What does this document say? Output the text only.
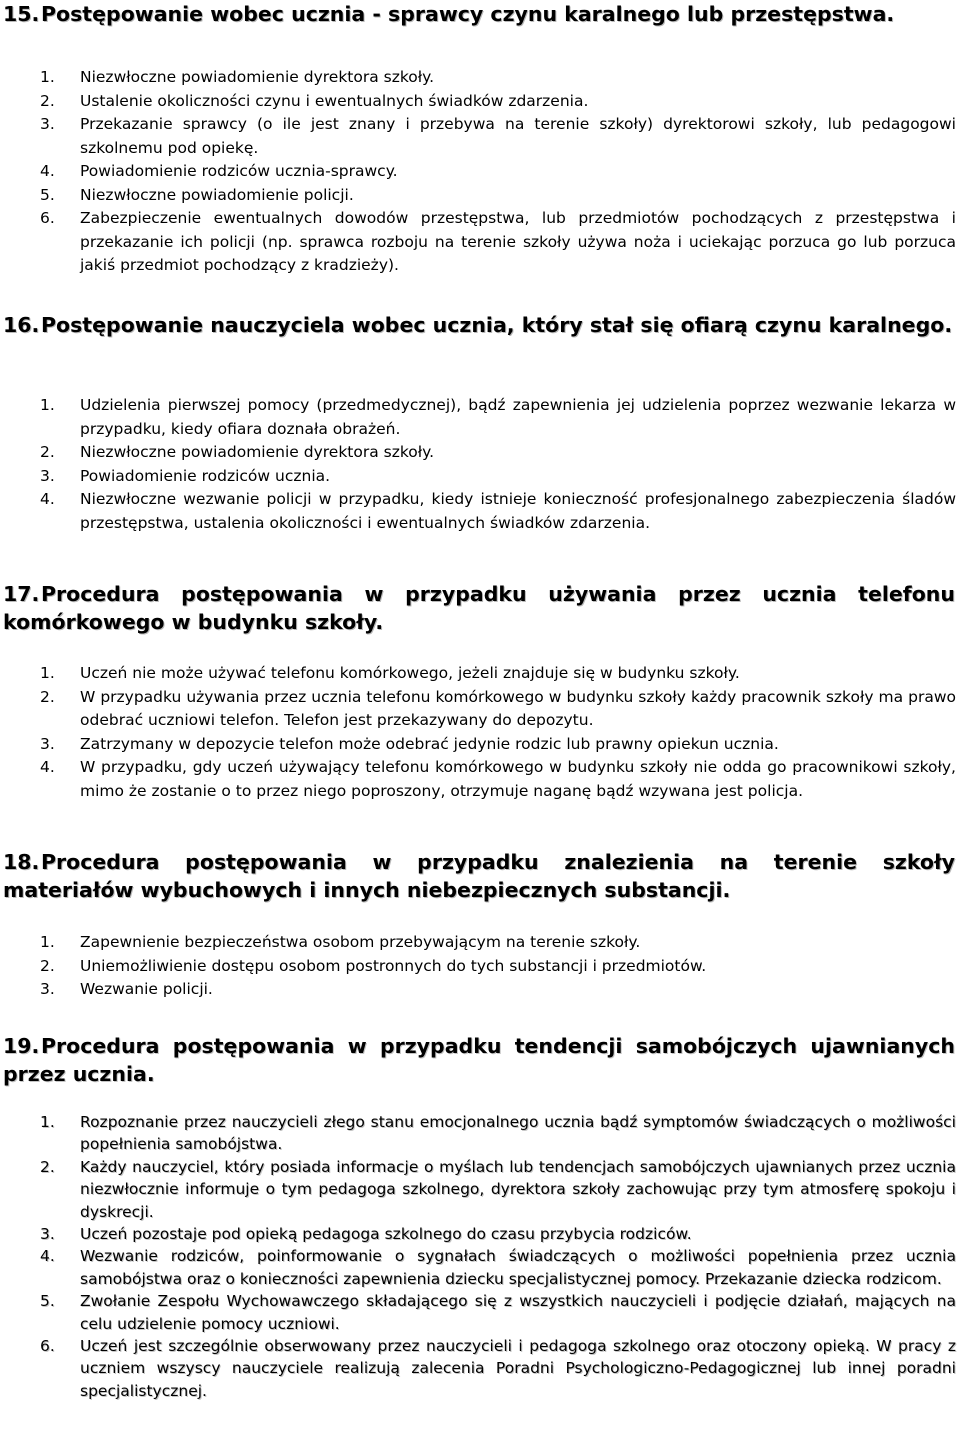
15.Postępowanie wobec ucznia - sprawcy czynu karalnego lub przestępstwa.
1. Niezwłoczne powiadomienie dyrektora szkoły.
2. Ustalenie okoliczności czynu i ewentualnych świadków zdarzenia.
3. Przekazanie sprawcy (o ile jest znany i przebywa na terenie szkoły) dyrektorowi szkoły, lub pedagogowi szkolnemu pod opiekę.
4. Powiadomienie rodziców ucznia-sprawcy.
5. Niezwłoczne powiadomienie policji.
6. Zabezpieczenie ewentualnych dowodów przestępstwa, lub przedmiotów pochodzących z przestępstwa i przekazanie ich policji (np. sprawca rozboju na terenie szkoły używa noża i uciekając porzuca go lub porzuca jakiś przedmiot pochodzący z kradzieży).
16.Postępowanie nauczyciela wobec ucznia, który stał się ofiarą czynu karalnego.
1. Udzielenia pierwszej pomocy (przedmedycznej), bądź zapewnienia jej udzielenia poprzez wezwanie lekarza w przypadku, kiedy ofiara doznała obrażeń.
2. Niezwłoczne powiadomienie dyrektora szkoły.
3. Powiadomienie rodziców ucznia.
4. Niezwłoczne wezwanie policji w przypadku, kiedy istnieje konieczność profesjonalnego zabezpieczenia śladów przestępstwa, ustalenia okoliczności i ewentualnych świadków zdarzenia.
17.Procedura postępowania w przypadku używania przez ucznia telefonu komórkowego w budynku szkoły.
1. Uczeń nie może używać telefonu komórkowego, jeżeli znajduje się w budynku szkoły.
2. W przypadku używania przez ucznia telefonu komórkowego w budynku szkoły każdy pracownik szkoły ma prawo odebrać uczniowi telefon. Telefon jest przekazywany do depozytu.
3. Zatrzymany w depozycie telefon może odebrać jedynie rodzic lub prawny opiekun ucznia.
4. W przypadku, gdy uczeń używający telefonu komórkowego w budynku szkoły nie odda go pracownikowi szkoły, mimo że zostanie o to przez niego poproszony, otrzymuje naganę bądź wzywana jest policja.
18.Procedura postępowania w przypadku znalezienia na terenie szkoły materiałów wybuchowych i innych niebezpiecznych substancji.
1. Zapewnienie bezpieczeństwa osobom przebywającym na terenie szkoły.
2. Uniemożliwienie dostępu osobom postronnych do tych substancji i przedmiotów.
3. Wezwanie policji.
19.Procedura postępowania w przypadku tendencji samobójczych ujawnianych przez ucznia.
1. Rozpoznanie przez nauczycieli złego stanu emocjonalnego ucznia bądź symptomów świadczących o możliwości popełnienia samobójstwa.
2. Każdy nauczyciel, który posiada informacje o myślach lub tendencjach samobójczych ujawnianych przez ucznia niezwłocznie informuje o tym pedagoga szkolnego, dyrektora szkoły zachowując przy tym atmosferę spokoju i dyskrecji.
3. Uczeń pozostaje pod opieką pedagoga szkolnego do czasu przybycia rodziców.
4. Wezwanie rodziców, poinformowanie o sygnałach świadczących o możliwości popełnienia przez ucznia samobójstwa oraz o konieczności zapewnienia dziecku specjalistycznej pomocy. Przekazanie dziecka rodzicom.
5. Zwołanie Zespołu Wychowawczego składającego się z wszystkich nauczycieli i podjęcie działań, mających na celu udzielenie pomocy uczniowi.
6. Uczeń jest szczególnie obserwowany przez nauczycieli i pedagoga szkolnego oraz otoczony opieką. W pracy z uczniem wszyscy nauczyciele realizują zalecenia Poradni Psychologiczno-Pedagogicznej lub innej poradni specjalistycznej.
